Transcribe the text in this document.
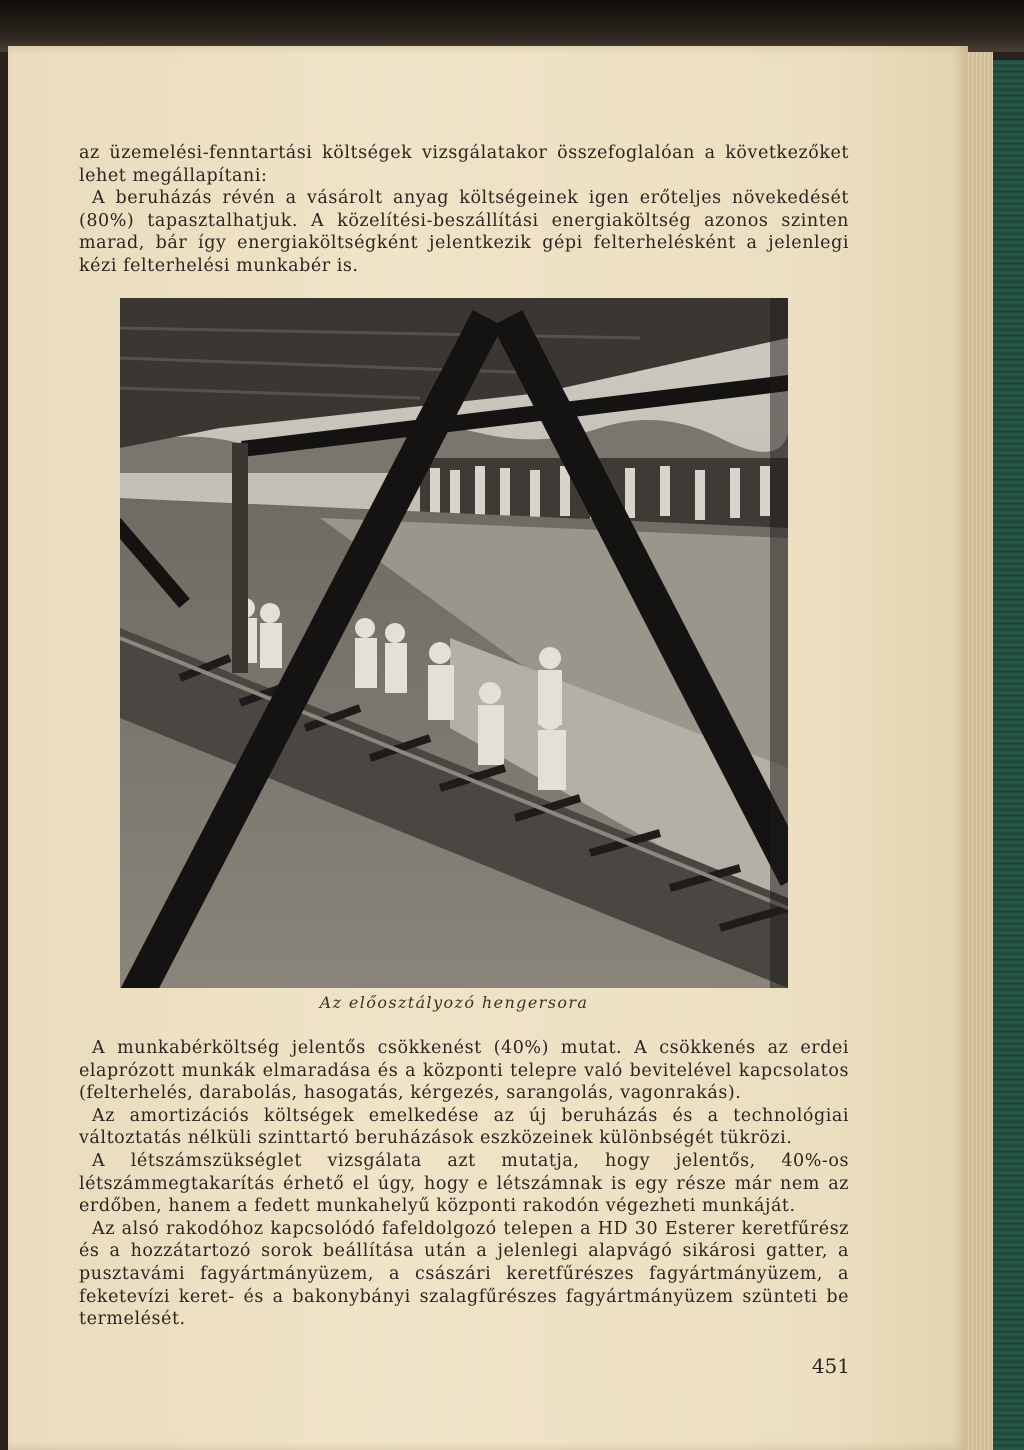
az üzemelési-fenntartási költségek vizsgálatakor összefoglalóan a következőket lehet megállapítani:

A beruházás révén a vásárolt anyag költségeinek igen erőteljes növekedését (80%) tapasztalhatjuk. A közelítési-beszállítási energiaköltség azonos szinten marad, bár így energiaköltségként jelentkezik gépi felterhelésként a jelenlegi kézi felterhelési munkabér is.

Az előosztályozó hengersora

A munkabérköltség jelentős csökkenést (40%) mutat. A csökkenés az erdei elaprózott munkák elmaradása és a központi telepre való bevitelével kapcsolatos (felterhelés, darabolás, hasogatás, kérgezés, sarangolás, vagonrakás).

Az amortizációs költségek emelkedése az új beruházás és a technológiai változtatás nélküli szinttartó beruházások eszközeinek különbségét tükrözi.

A létszámszükséglet vizsgálata azt mutatja, hogy jelentős, 40%-os létszámmegtakarítás érhető el úgy, hogy e létszámnak is egy része már nem az erdőben, hanem a fedett munkahelyű központi rakodón végezheti munkáját.

Az alsó rakodóhoz kapcsolódó fafeldolgozó telepen a HD 30 Esterer keretfűrész és a hozzátartozó sorok beállítása után a jelenlegi alapvágó sikárosi gatter, a pusztavámi fagyártmányüzem, a császári keretfűrészes fagyártmányüzem, a feketevízi keret- és a bakonybányi szalagfűrészes fagyártmányüzem szünteti be termelését.

451
